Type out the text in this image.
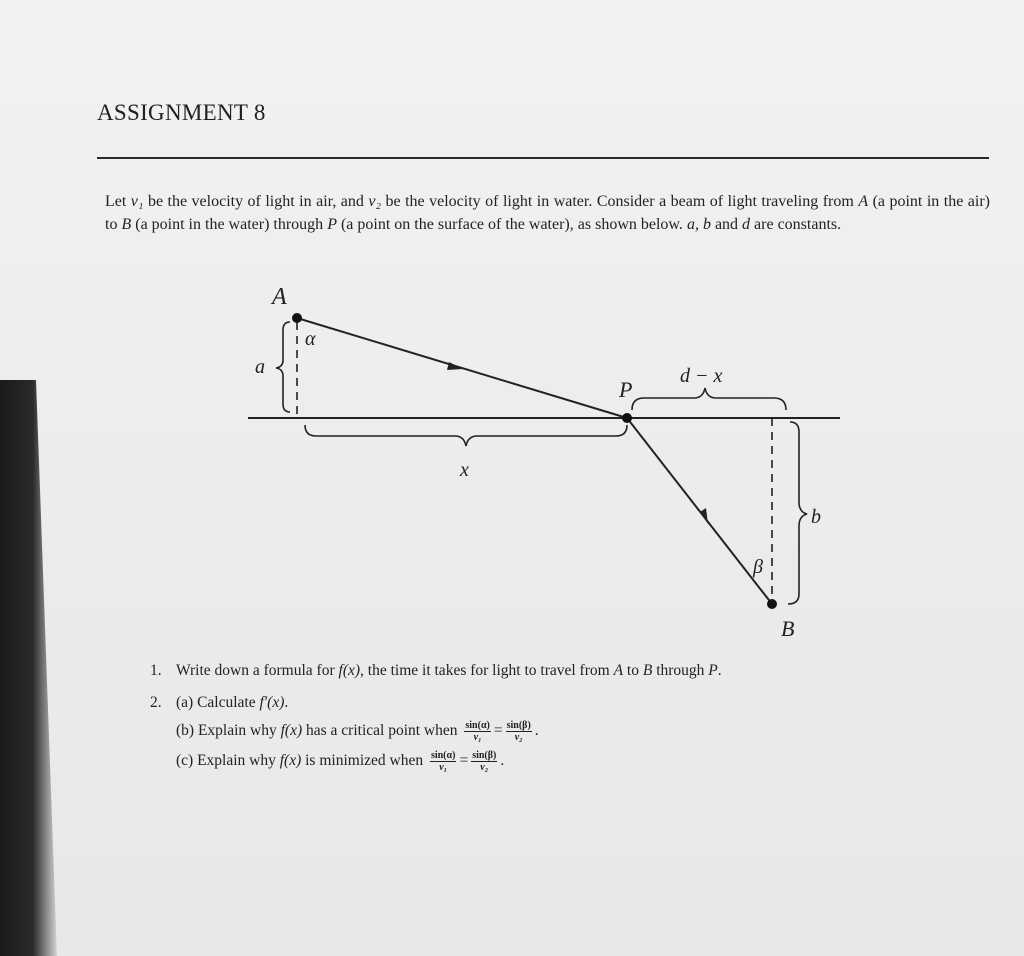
ASSIGNMENT 8
Let v₁ be the velocity of light in air, and v₂ be the velocity of light in water. Consider a beam of light traveling from A (a point in the air) to B (a point in the water) through P (a point on the surface of the water), as shown below. a, b and d are constants.
A
α
a
P
d − x
x
b
β
B
1. Write down a formula for f(x), the time it takes for light to travel from A to B through P.
2. (a) Calculate f′(x).
(b) Explain why f(x) has a critical point when $\frac{\sin(\alpha)}{\text{v₁}} = \frac{\sin(\beta)}{\text{v₂}}$ .
(c) Explain why f(x) is minimized when $\frac{\sin(\alpha)}{\text{v₁}} = \frac{\sin(\beta)}{\text{v₂}}$ .
